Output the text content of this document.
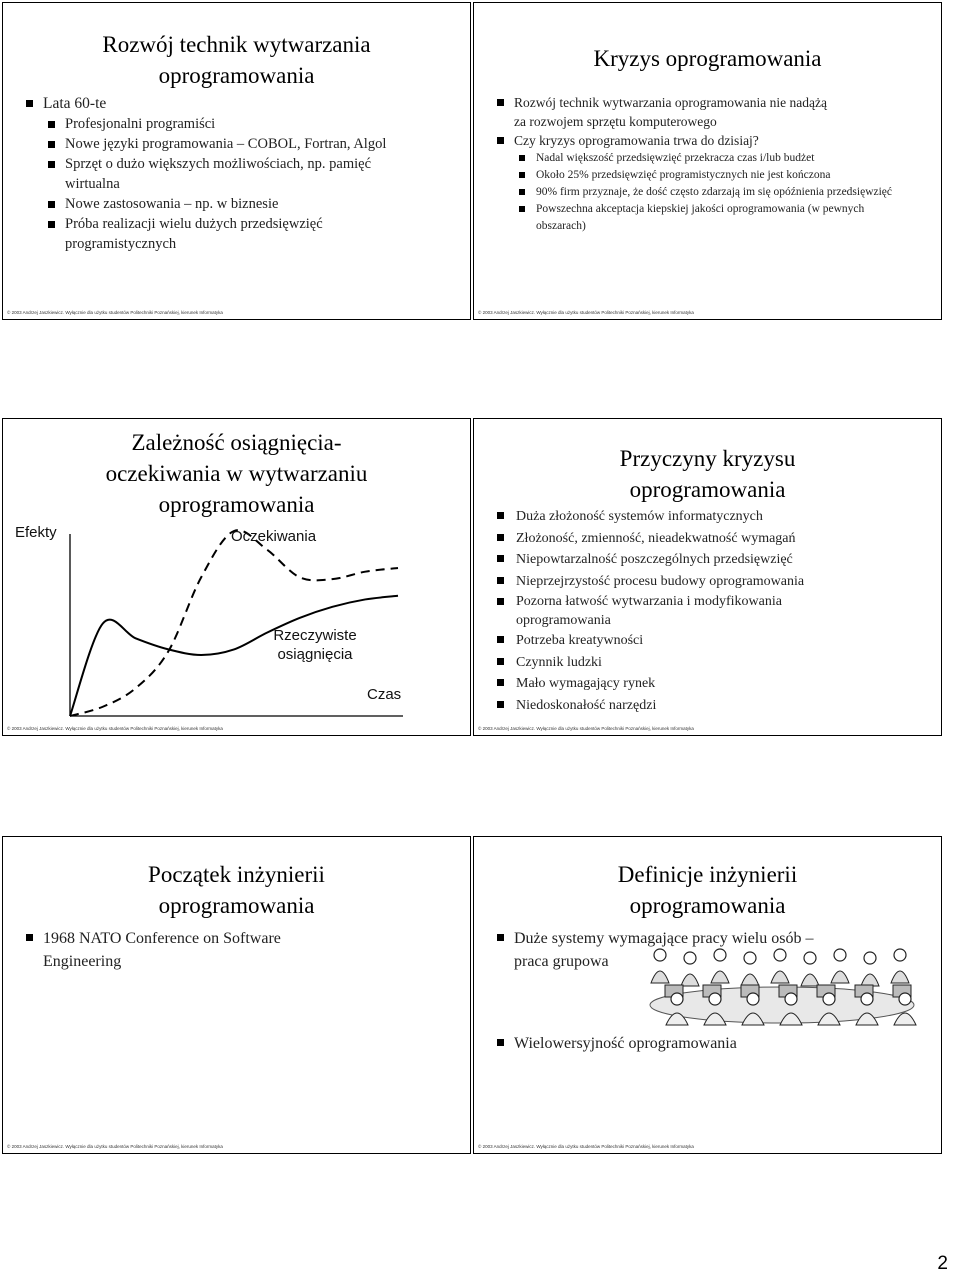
Rozwój technik wytwarzania
oprogramowania
Lata 60-te
Profesjonalni programiści
Nowe języki programowania – COBOL, Fortran, Algol
Sprzęt o dużo większych możliwościach, np. pamięć wirtualna
Nowe zastosowania – np. w biznesie
Próba realizacji wielu dużych przedsięwzięć programistycznych
© 2003 Andrzej Jaszkiewicz. Wyłącznie dla użytku studentów Politechniki Poznańskiej, kierunek Informatyka
Kryzys oprogramowania
Rozwój technik wytwarzania oprogramowania nie nadążą za rozwojem sprzętu komputerowego
Czy kryzys oprogramowania trwa do dzisiaj?
Nadal większość przedsięwzięć przekracza czas i/lub budżet
Około 25% przedsięwzięć programistycznych nie jest kończona
90% firm przyznaje, że dość często zdarzają im się opóźnienia przedsięwzięć
Powszechna akceptacja kiepskiej jakości oprogramowania (w pewnych obszarach)
© 2003 Andrzej Jaszkiewicz. Wyłącznie dla użytku studentów Politechniki Poznańskiej, kierunek Informatyka
Zależność osiągnięcia-
oczekiwania w wytwarzaniu
oprogramowania
Efekty
Czas
Oczekiwania
Rzeczywiste osiągnięcia
© 2003 Andrzej Jaszkiewicz. Wyłącznie dla użytku studentów Politechniki Poznańskiej, kierunek Informatyka
Przyczyny kryzysu
oprogramowania
Duża złożoność systemów informatycznych
Złożoność, zmienność, nieadekwatność wymagań
Niepowtarzalność poszczególnych przedsięwzięć
Nieprzejrzystość procesu budowy oprogramowania
Pozorna łatwość wytwarzania i modyfikowania oprogramowania
Potrzeba kreatywności
Czynnik ludzki
Mało wymagający rynek
Niedoskonałość narzędzi
© 2003 Andrzej Jaszkiewicz. Wyłącznie dla użytku studentów Politechniki Poznańskiej, kierunek Informatyka
Początek inżynierii
oprogramowania
1968 NATO Conference on Software Engineering
© 2003 Andrzej Jaszkiewicz. Wyłącznie dla użytku studentów Politechniki Poznańskiej, kierunek Informatyka
Definicje inżynierii
oprogramowania
Duże systemy wymagające pracy wielu osób – praca grupowa
Wielowersyjność oprogramowania
© 2003 Andrzej Jaszkiewicz. Wyłącznie dla użytku studentów Politechniki Poznańskiej, kierunek Informatyka
2
